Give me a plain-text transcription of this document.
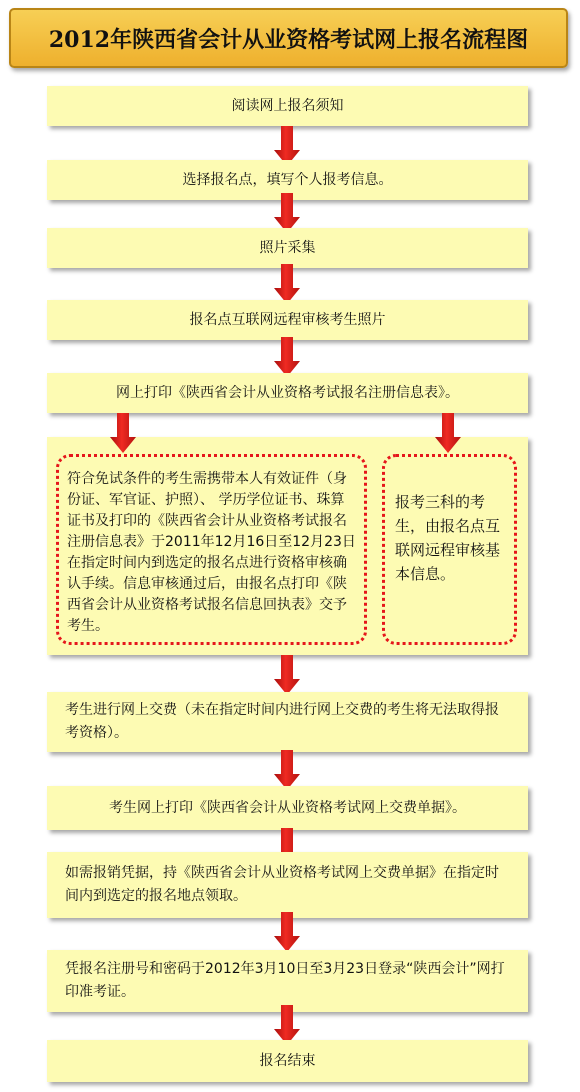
2012年陕西省会计从业资格考试网上报名流程图
阅读网上报名须知
选择报名点，填写个人报考信息。
照片采集
报名点互联网远程审核考生照片
网上打印《陕西省会计从业资格考试报名注册信息表》。
符合免试条件的考生需携带本人有效证件（身份证、军官证、护照）、 学历学位证书、珠算证书及打印的《陕西省会计从业资格考试报名注册信息表》于2011年12月16日至12月23日在指定时间内到选定的报名点进行资格审核确认手续。信息审核通过后，由报名点打印《陕西省会计从业资格考试报名信息回执表》交予考生。
报考三科的考生，由报名点互联网远程审核基本信息。
考生进行网上交费（未在指定时间内进行网上交费的考生将无法取得报考资格）。
考生网上打印《陕西省会计从业资格考试网上交费单据》。
如需报销凭据，持《陕西省会计从业资格考试网上交费单据》在指定时间内到选定的报名地点领取。
凭报名注册号和密码于2012年3月10日至3月23日登录“陕西会计”网打印准考证。
报名结束
